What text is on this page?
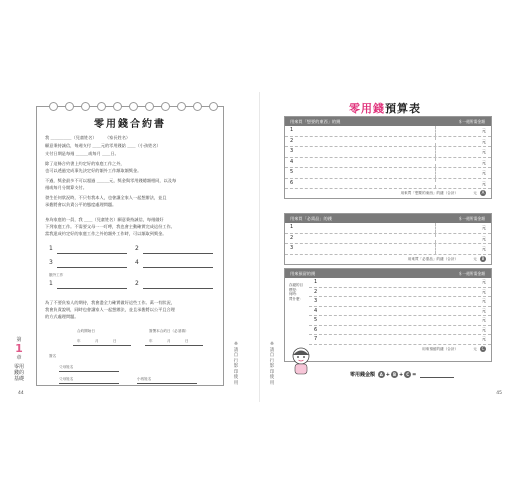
零用錢合約書
我 ＿＿＿＿＿（兒童姓名）　　　（家長姓名）
願意秉持誠信，每週支付 ＿＿元的零用錢給 ＿＿（小孩姓名）
支付日期是每週 ＿＿＿或每月 ＿＿日。
除了這條合約書上約定好的家庭工作之外，
也可以透過完成事先決定好的額外工作額取額獎金。
不過，獎金最多不可以超過 ＿＿＿元，獎金與零用錢總額相同，以及每
週或每月分開算支付。
發生任何狀況時，不只有我本人，也會讓全家人一起想辦法，並且
承擔將會以負責公平的態度處理問題。
身為家庭的一員，我 ＿＿（兒童姓名）願意秉持誠信，每週做好
下列家庭工作。不需要父母一一叮嚀，我也會主動確實完成這份工作。
當我達成約定好的家庭工作之外的額外工作時，可以額取到獎金。
1	2
3	4
額外工作
1	2
為了不要負家人的期待，我會盡全力確實做好這些工作。萬一有狀況，
我會負責說明，同時也會讓家人一起想辦法，並且承擔將以公平且合理
的方式處理問題。
合約開始日	簽署本合約日（必須填）
年	月	日	年	月	日
簽名
父母姓名
父母姓名	小孩姓名
第
1
章
零用錢的基礎
※請自行影印使用
44
零用錢預算表
用來買「想要的東西」的錢	＄一週所需金額
1	元
2	元
3	元
4	元
5	元
6	元
用來買「想要的東西」的錢（合計）	元 A
用來買「必需品」的錢	＄一週所需金額
1	元
2	元
3	元
用來買「必需品」的錢（合計）	元 B
用來預留的錢	＄一週所需金額
存錢的目標是：
何時：
買什麼：
1	元
2	元
3	元
4	元
5	元
6	元
7	元
用來預留的錢（合計）	元 C
零用錢金額 A + B + C =
※請自行影印使用
45
